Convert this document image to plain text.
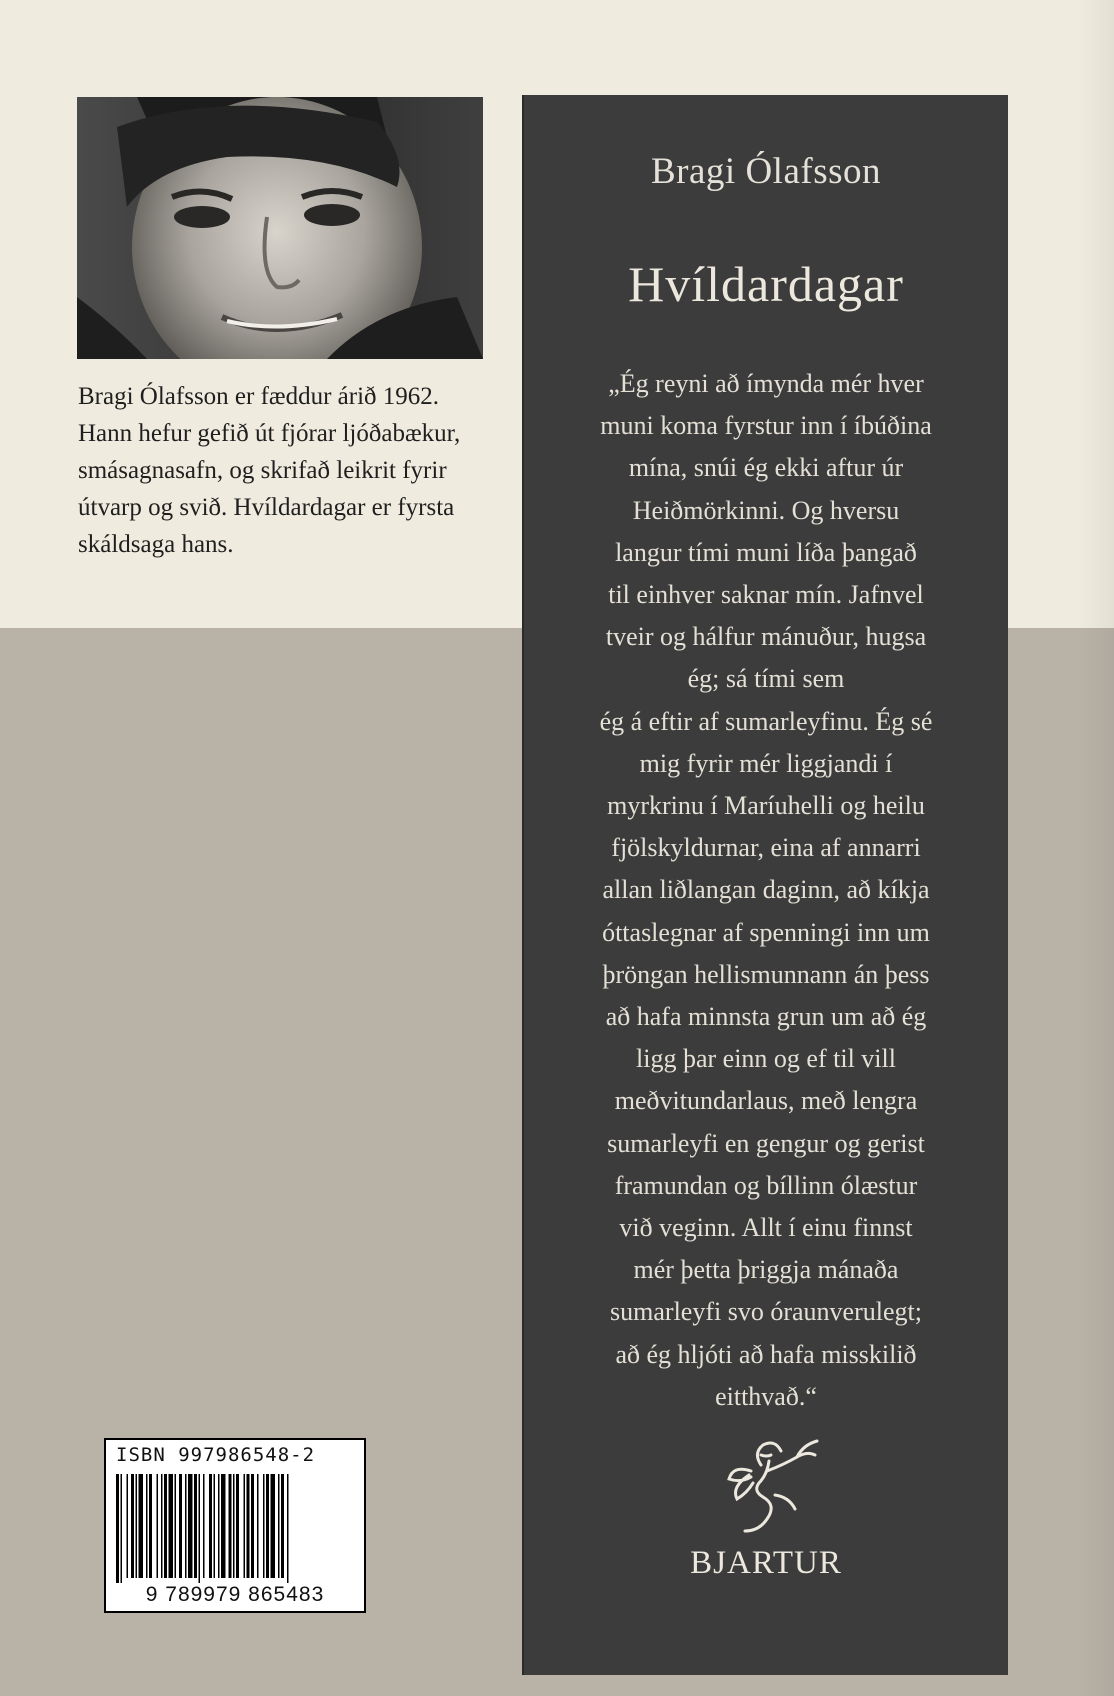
Bragi Ólafsson er fæddur árið 1962. Hann hefur gefið út fjórar ljóðabækur, smásagnasafn, og skrifað leikrit fyrir útvarp og svið. Hvíldardagar er fyrsta skáldsaga hans.
Bragi Ólafsson
Hvíldardagar
„Ég reyni að ímynda mér hver
muni koma fyrstur inn í íbúðina
mína, snúi ég ekki aftur úr
Heiðmörkinni. Og hversu
langur tími muni líða þangað
til einhver saknar mín. Jafnvel
tveir og hálfur mánuður, hugsa
ég; sá tími sem
ég á eftir af sumarleyfinu. Ég sé
mig fyrir mér liggjandi í
myrkrinu í Maríuhelli og heilu
fjölskyldurnar, eina af annarri
allan liðlangan daginn, að kíkja
óttaslegnar af spenningi inn um
þröngan hellismunnann án þess
að hafa minnsta grun um að ég
ligg þar einn og ef til vill
meðvitundarlaus, með lengra
sumarleyfi en gengur og gerist
framundan og bíllinn ólæstur
við veginn. Allt í einu finnst
mér þetta þriggja mánaða
sumarleyfi svo óraunverulegt;
að ég hljóti að hafa misskilið
eitthvað.“
BJARTUR
ISBN 997986548-2
9 789979 865483
